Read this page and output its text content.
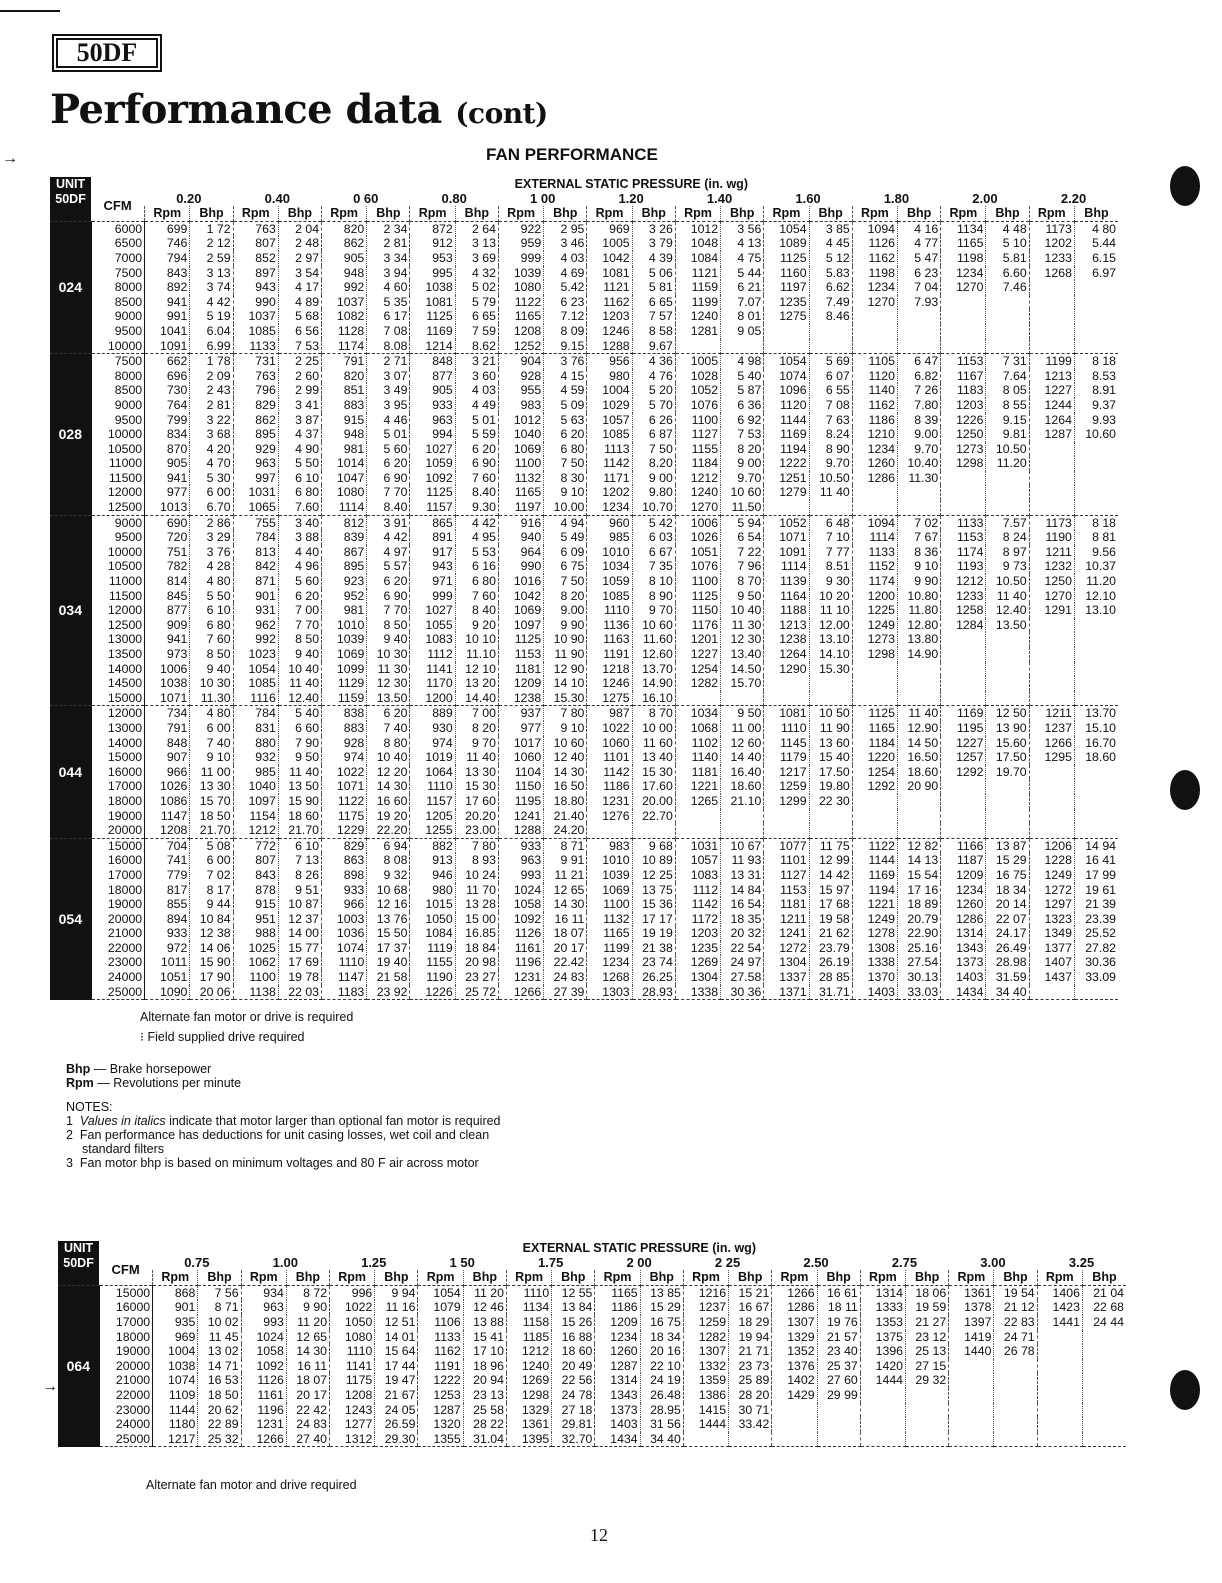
50DF
Performance data (cont)
→	FAN PERFORMANCE
UNIT		EXTERNAL STATIC PRESSURE (in. wg)																					
50DF	CFM	0.20		0.40		0 60		0.80		1 00		1.20		1.40		1.60		1.80		2.00		2.20	
		Rpm	Bhp	Rpm	Bhp	Rpm	Bhp	Rpm	Bhp	Rpm	Bhp	Rpm	Bhp	Rpm	Bhp	Rpm	Bhp	Rpm	Bhp	Rpm	Bhp	Rpm	Bhp
024	6000	699	1 72	763	2 04	820	2 34	872	2 64	922	2 95	969	3 26	1012	3 56	1054	3 85	1094	4 16	1134	4 48	1173	4 80
	6500	746	2 12	807	2 48	862	2 81	912	3 13	959	3 46	1005	3 79	1048	4 13	1089	4 45	1126	4 77	1165	5 10	1202	5.44
	7000	794	2 59	852	2 97	905	3 34	953	3 69	999	4 03	1042	4 39	1084	4 75	1125	5 12	1162	5 47	1198	5.81	1233	6.15
	7500	843	3 13	897	3 54	948	3 94	995	4 32	1039	4 69	1081	5 06	1121	5 44	1160	5.83	1198	6 23	1234	6.60	1268	6.97
	8000	892	3 74	943	4 17	992	4 60	1038	5 02	1080	5.42	1121	5 81	1159	6 21	1197	6.62	1234	7 04	1270	7.46		
	8500	941	4 42	990	4 89	1037	5 35	1081	5 79	1122	6 23	1162	6 65	1199	7.07	1235	7.49	1270	7.93				
	9000	991	5 19	1037	5 68	1082	6 17	1125	6 65	1165	7.12	1203	7 57	1240	8 01	1275	8.46						
	9500	1041	6.04	1085	6 56	1128	7 08	1169	7 59	1208	8 09	1246	8 58	1281	9 05								
	10000	1091	6.99	1133	7 53	1174	8.08	1214	8.62	1252	9.15	1288	9.67										
028	7500	662	1 78	731	2 25	791	2 71	848	3 21	904	3 76	956	4 36	1005	4 98	1054	5 69	1105	6 47	1153	7 31	1199	8 18
	8000	696	2 09	763	2 60	820	3 07	877	3 60	928	4 15	980	4 76	1028	5 40	1074	6 07	1120	6.82	1167	7.64	1213	8.53
	8500	730	2 43	796	2 99	851	3 49	905	4 03	955	4 59	1004	5 20	1052	5 87	1096	6 55	1140	7 26	1183	8 05	1227	8.91
	9000	764	2 81	829	3 41	883	3 95	933	4 49	983	5 09	1029	5 70	1076	6 36	1120	7 08	1162	7.80	1203	8 55	1244	9.37
	9500	799	3 22	862	3 87	915	4 46	963	5 01	1012	5 63	1057	6 26	1100	6 92	1144	7 63	1186	8 39	1226	9.15	1264	9.93
	10000	834	3 68	895	4 37	948	5 01	994	5 59	1040	6 20	1085	6 87	1127	7 53	1169	8.24	1210	9.00	1250	9.81	1287	10.60
	10500	870	4 20	929	4 90	981	5 60	1027	6 20	1069	6 80	1113	7 50	1155	8 20	1194	8 90	1234	9.70	1273	10.50		
	11000	905	4 70	963	5 50	1014	6 20	1059	6 90	1100	7 50	1142	8.20	1184	9 00	1222	9.70	1260	10.40	1298	11.20		
	11500	941	5 30	997	6 10	1047	6 90	1092	7 60	1132	8 30	1171	9 00	1212	9.70	1251	10.50	1286	11.30				
	12000	977	6 00	1031	6 80	1080	7 70	1125	8.40	1165	9 10	1202	9.80	1240	10 60	1279	11 40						
	12500	1013	6.70	1065	7.60	1114	8.40	1157	9.30	1197	10.00	1234	10.70	1270	11.50								
034	9000	690	2 86	755	3 40	812	3 91	865	4 42	916	4 94	960	5 42	1006	5 94	1052	6 48	1094	7 02	1133	7.57	1173	8 18
	9500	720	3 29	784	3 88	839	4 42	891	4 95	940	5 49	985	6 03	1026	6 54	1071	7 10	1114	7 67	1153	8 24	1190	8 81
	10000	751	3 76	813	4 40	867	4 97	917	5 53	964	6 09	1010	6 67	1051	7 22	1091	7 77	1133	8 36	1174	8 97	1211	9.56
	10500	782	4 28	842	4 96	895	5 57	943	6 16	990	6 75	1034	7 35	1076	7 96	1114	8.51	1152	9 10	1193	9 73	1232	10.37
	11000	814	4 80	871	5 60	923	6 20	971	6 80	1016	7 50	1059	8 10	1100	8 70	1139	9 30	1174	9 90	1212	10.50	1250	11.20
	11500	845	5 50	901	6 20	952	6 90	999	7 60	1042	8 20	1085	8 90	1125	9 50	1164	10 20	1200	10.80	1233	11 40	1270	12.10
	12000	877	6 10	931	7 00	981	7 70	1027	8 40	1069	9.00	1110	9 70	1150	10 40	1188	11 10	1225	11.80	1258	12.40	1291	13.10
	12500	909	6 80	962	7 70	1010	8 50	1055	9 20	1097	9 90	1136	10 60	1176	11 30	1213	12.00	1249	12.80	1284	13.50		
	13000	941	7 60	992	8 50	1039	9 40	1083	10 10	1125	10 90	1163	11.60	1201	12 30	1238	13.10	1273	13.80				
	13500	973	8 50	1023	9 40	1069	10 30	1112	11.10	1153	11 90	1191	12.60	1227	13.40	1264	14.10	1298	14.90				
	14000	1006	9 40	1054	10 40	1099	11 30	1141	12 10	1181	12 90	1218	13.70	1254	14.50	1290	15.30						
	14500	1038	10 30	1085	11 40	1129	12 30	1170	13 20	1209	14 10	1246	14.90	1282	15.70								
	15000	1071	11.30	1116	12.40	1159	13.50	1200	14.40	1238	15.30	1275	16.10										
044	12000	734	4 80	784	5 40	838	6 20	889	7 00	937	7 80	987	8 70	1034	9 50	1081	10 50	1125	11 40	1169	12 50	1211	13.70
	13000	791	6 00	831	6 60	883	7 40	930	8 20	977	9 10	1022	10 00	1068	11 00	1110	11 90	1165	12.90	1195	13 90	1237	15.10
	14000	848	7 40	880	7 90	928	8 80	974	9 70	1017	10 60	1060	11 60	1102	12 60	1145	13 60	1184	14 50	1227	15.60	1266	16.70
	15000	907	9 10	932	9 50	974	10 40	1019	11 40	1060	12 40	1101	13 40	1140	14 40	1179	15 40	1220	16.50	1257	17.50	1295	18.60
	16000	966	11 00	985	11 40	1022	12 20	1064	13 30	1104	14 30	1142	15 30	1181	16.40	1217	17.50	1254	18.60	1292	19.70		
	17000	1026	13 30	1040	13 50	1071	14 30	1110	15 30	1150	16 50	1186	17.60	1221	18.60	1259	19.80	1292	20 90				
	18000	1086	15 70	1097	15 90	1122	16 60	1157	17 60	1195	18.80	1231	20.00	1265	21.10	1299	22 30						
	19000	1147	18 50	1154	18 60	1175	19 20	1205	20.20	1241	21.40	1276	22.70										
	20000	1208	21.70	1212	21.70	1229	22.20	1255	23.00	1288	24.20												
054	15000	704	5 08	772	6 10	829	6 94	882	7 80	933	8 71	983	9 68	1031	10 67	1077	11 75	1122	12 82	1166	13 87	1206	14 94
	16000	741	6 00	807	7 13	863	8 08	913	8 93	963	9 91	1010	10 89	1057	11 93	1101	12 99	1144	14 13	1187	15 29	1228	16 41
	17000	779	7 02	843	8 26	898	9 32	946	10 24	993	11 21	1039	12 25	1083	13 31	1127	14 42	1169	15 54	1209	16 75	1249	17 99
	18000	817	8 17	878	9 51	933	10 68	980	11 70	1024	12 65	1069	13 75	1112	14 84	1153	15 97	1194	17 16	1234	18 34	1272	19 61
	19000	855	9 44	915	10 87	966	12 16	1015	13 28	1058	14 30	1100	15 36	1142	16 54	1181	17 68	1221	18 89	1260	20 14	1297	21 39
	20000	894	10 84	951	12 37	1003	13 76	1050	15 00	1092	16 11	1132	17 17	1172	18 35	1211	19 58	1249	20.79	1286	22 07	1323	23.39
	21000	933	12 38	988	14 00	1036	15 50	1084	16.85	1126	18 07	1165	19 19	1203	20 32	1241	21 62	1278	22.90	1314	24.17	1349	25.52
	22000	972	14 06	1025	15 77	1074	17 37	1119	18 84	1161	20 17	1199	21 38	1235	22 54	1272	23.79	1308	25.16	1343	26.49	1377	27.82
	23000	1011	15 90	1062	17 69	1110	19 40	1155	20 98	1196	22.42	1234	23 74	1269	24 97	1304	26.19	1338	27.54	1373	28.98	1407	30.36
	24000	1051	17 90	1100	19 78	1147	21 58	1190	23 27	1231	24 83	1268	26.25	1304	27.58	1337	28 85	1370	30.13	1403	31.59	1437	33.09
	25000	1090	20 06	1138	22 03	1183	23 92	1226	25 72	1266	27 39	1303	28.93	1338	30 36	1371	31.71	1403	33.03	1434	34 40		
Alternate fan motor or drive is required
⁝ Field supplied drive required
Bhp — Brake horsepower
Rpm — Revolutions per minute
NOTES:
1 Values in italics indicate that motor larger than optional fan motor is required
2 Fan performance has deductions for unit casing losses, wet coil and clean
standard filters
3 Fan motor bhp is based on minimum voltages and 80 F air across motor
UNIT		EXTERNAL STATIC PRESSURE (in. wg)																					
50DF	CFM	0.75		1.00		1.25		1 50		1.75		2 00		2 25		2.50		2.75		3.00		3.25	
		Rpm	Bhp	Rpm	Bhp	Rpm	Bhp	Rpm	Bhp	Rpm	Bhp	Rpm	Bhp	Rpm	Bhp	Rpm	Bhp	Rpm	Bhp	Rpm	Bhp	Rpm	Bhp
064	15000	868	7 56	934	8 72	996	9 94	1054	11 20	1110	12 55	1165	13 85	1216	15 21	1266	16 61	1314	18 06	1361	19 54	1406	21 04
	16000	901	8 71	963	9 90	1022	11 16	1079	12 46	1134	13 84	1186	15 29	1237	16 67	1286	18 11	1333	19 59	1378	21 12	1423	22 68
	17000	935	10 02	993	11 20	1050	12 51	1106	13 88	1158	15 26	1209	16 75	1259	18 29	1307	19 76	1353	21 27	1397	22 83	1441	24 44
	18000	969	11 45	1024	12 65	1080	14 01	1133	15 41	1185	16 88	1234	18 34	1282	19 94	1329	21 57	1375	23 12	1419	24 71		
	19000	1004	13 02	1058	14 30	1110	15 64	1162	17 10	1212	18 60	1260	20 16	1307	21 71	1352	23 40	1396	25 13	1440	26 78		
	20000	1038	14 71	1092	16 11	1141	17 44	1191	18 96	1240	20 49	1287	22 10	1332	23 73	1376	25 37	1420	27 15				
	21000	1074	16 53	1126	18 07	1175	19 47	1222	20 94	1269	22 56	1314	24 19	1359	25 89	1402	27 60	1444	29 32				
	22000	1109	18 50	1161	20 17	1208	21 67	1253	23 13	1298	24 78	1343	26.48	1386	28 20	1429	29 99						
	23000	1144	20 62	1196	22 42	1243	24 05	1287	25 58	1329	27 18	1373	28.95	1415	30 71								
	24000	1180	22 89	1231	24 83	1277	26.59	1320	28 22	1361	29.81	1403	31 56	1444	33.42								
	25000	1217	25 32	1266	27 40	1312	29.30	1355	31.04	1395	32.70	1434	34 40										
→
Alternate fan motor and drive required
12
